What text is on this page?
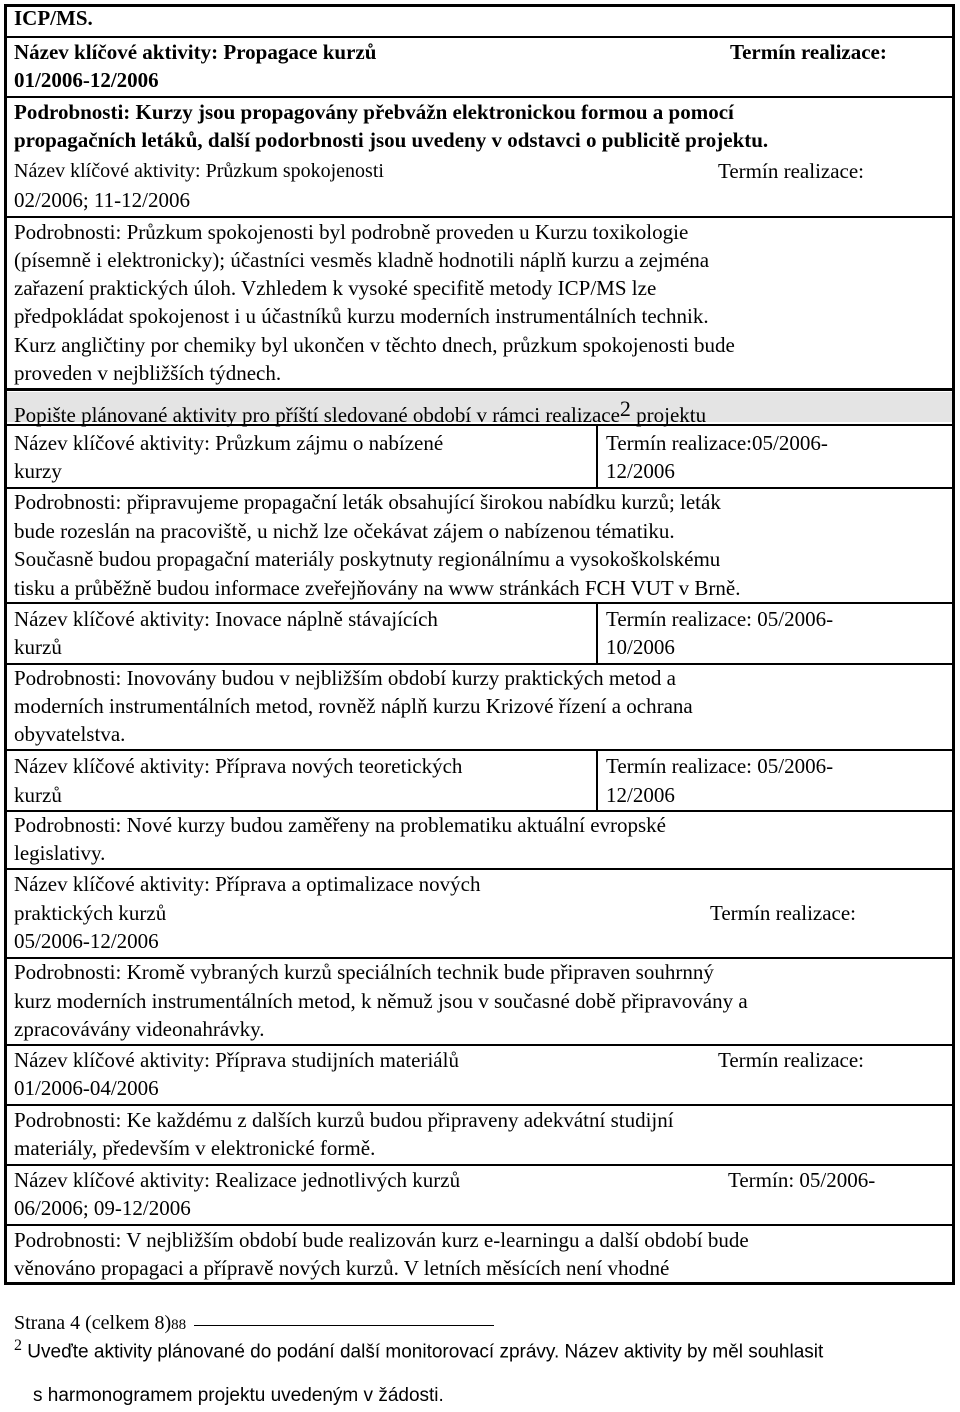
ICP/MS.
Název klíčové aktivity: Propagace kurzů	Termín realizace:
01/2006-12/2006
Podrobnosti: Kurzy jsou propagovány přebvážn elektronickou formou a pomocí
propagačních letáků, další podorbnosti jsou uvedeny v odstavci o publicitě projektu.
Název klíčové aktivity: Průzkum spokojenosti	Termín realizace:
02/2006; 11-12/2006
Podrobnosti: Průzkum spokojenosti byl podrobně proveden u Kurzu toxikologie
(písemně i elektronicky); účastníci vesměs kladně hodnotili náplň kurzu a zejména
zařazení praktických úloh. Vzhledem k vysoké specifitě metody ICP/MS lze
předpokládat spokojenost i u účastníků kurzu moderních instrumentálních technik.
Kurz angličtiny por chemiky byl ukončen v těchto dnech, průzkum spokojenosti bude
proveden v nejbližších týdnech.
Popište plánované aktivity pro příští sledované období v rámci realizace$^2$ projektu
Název klíčové aktivity: Průzkum zájmu o nabízené
kurzy
Termín realizace:05/2006-
12/2006
Podrobnosti: připravujeme propagační leták obsahující širokou nabídku kurzů; leták
bude rozeslán na pracoviště, u nichž lze očekávat zájem o nabízenou tématiku.
Současně budou propagační materiály poskytnuty regionálnímu a vysokoškolskému
tisku a průběžně budou informace zveřejňovány na www stránkách FCH VUT v Brně.
Název klíčové aktivity: Inovace náplně stávajících
kurzů
Termín realizace: 05/2006-
10/2006
Podrobnosti: Inovovány budou v nejbližším období kurzy praktických metod a
moderních instrumentálních metod, rovněž náplň kurzu Krizové řízení a ochrana
obyvatelstva.
Název klíčové aktivity: Příprava nových teoretických
kurzů
Termín realizace: 05/2006-
12/2006
Podrobnosti: Nové kurzy budou zaměřeny na problematiku aktuální evropské
legislativy.
Název klíčové aktivity: Příprava a optimalizace nových
praktických kurzů	Termín realizace:
05/2006-12/2006
Podrobnosti: Kromě vybraných kurzů speciálních technik bude připraven souhrnný
kurz moderních instrumentálních metod, k němuž jsou v současné době připravovány a
zpracovávány videonahrávky.
Název klíčové aktivity: Příprava studijních materiálů	Termín realizace:
01/2006-04/2006
Podrobnosti: Ke každému z dalších kurzů budou připraveny adekvátní studijní
materiály, především v elektronické formě.
Název klíčové aktivity: Realizace jednotlivých kurzů	Termín: 05/2006-
06/2006; 09-12/2006
Podrobnosti: V nejbližším období bude realizován kurz e-learningu a další období bude
věnováno propagaci a přípravě nových kurzů. V letních měsících není vhodné
Strana 4 (celkem 8)88
$^2$ Uveďte aktivity plánované do podání další monitorovací zprávy. Název aktivity by měl souhlasit
s harmonogramem projektu uvedeným v žádosti.
